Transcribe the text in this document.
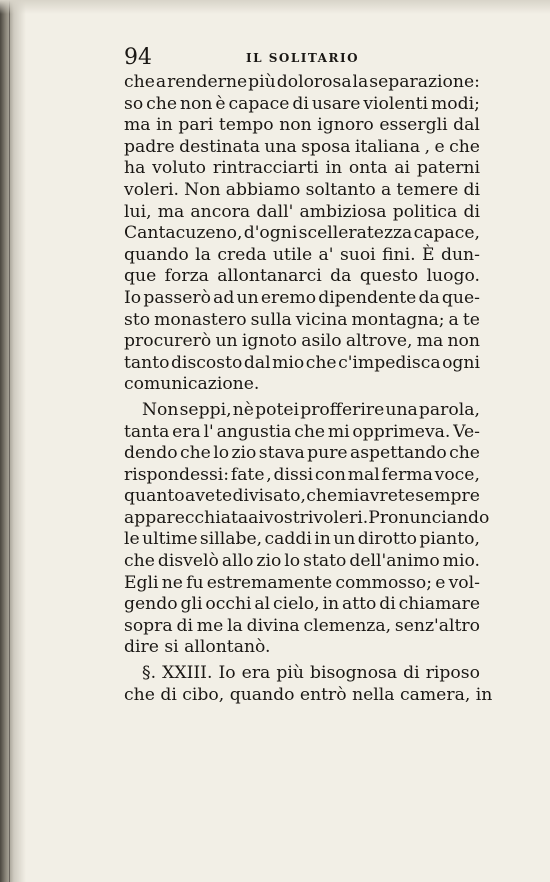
94	IL SOLITARIO
che a renderne più dolorosa la separazione:
so che non è capace di usare violenti modi;
ma in pari tempo non ignoro essergli dal
padre destinata una sposa italiana , e che
ha voluto rintracciarti in onta ai paterni
voleri. Non abbiamo soltanto a temere di
lui, ma ancora dall' ambiziosa politica di
Cantacuzeno, d'ogni scelleratezza capace,
quando la creda utile a' suoi fini. È dun-
que forza allontanarci da questo luogo.
Io passerò ad un eremo dipendente da que-
sto monastero sulla vicina montagna; a te
procurerò un ignoto asilo altrove, ma non
tanto discosto dal mio che c'impedisca ogni
comunicazione.
Non seppi, nè potei profferire una parola,
tanta era l' angustia che mi opprimeva. Ve-
dendo che lo zio stava pure aspettando che
rispondessi: fate , dissi con mal ferma voce,
quanto avete divisato, che mi avrete sempre
apparecchiata ai vostri voleri. Pronunciando
le ultime sillabe, caddi in un dirotto pianto,
che disvelò allo zio lo stato dell'animo mio.
Egli ne fu estremamente commosso; e vol-
gendo gli occhi al cielo, in atto di chiamare
sopra di me la divina clemenza, senz'altro
dire si allontanò.
§. XXIII. Io era più bisognosa di riposo
che di cibo, quando entrò nella camera, in
